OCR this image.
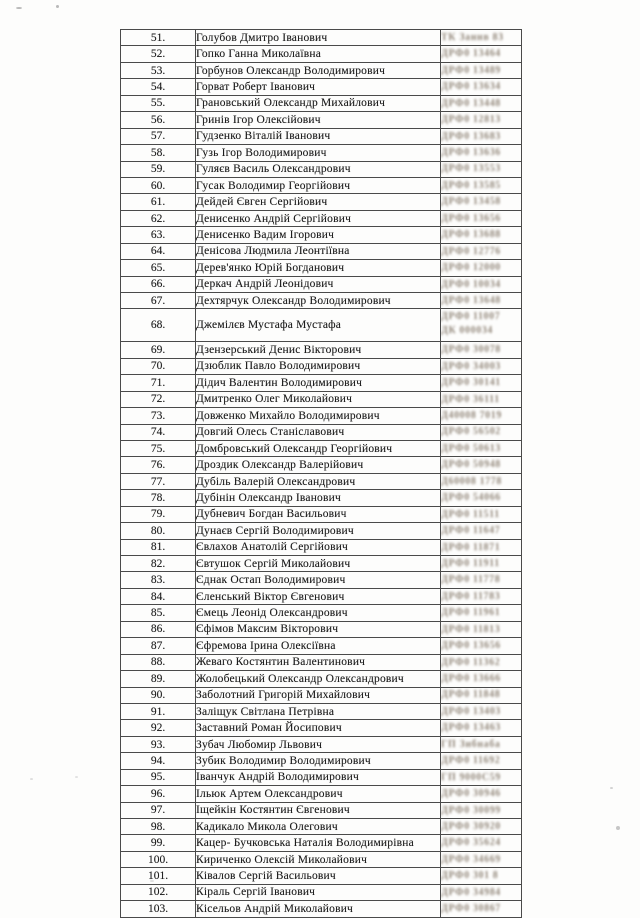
51.	Голубов Дмитро Іванович	ТК Заннв 83

52.	Гопко Ганна Миколаївна	ДРФ0 13464

53.	Горбунов Олександр Володимирович	ДРФ0 13489

54.	Горват Роберт Іванович	ДРФ0 13634

55.	Грановський Олександр Михайлович	ДРФ0 13448

56.	Гринів Ігор Олексійович	ДРФ0 12813

57.	Гудзенко Віталій Іванович	ДРФ0 13683

58.	Гузь Ігор Володимирович	ДРФ0 13636

59.	Гуляєв Василь Олександрович	ДРФ0 13553

60.	Гусак Володимир Георгійович	ДРФ0 13585

61.	Дейдей Євген Сергійович	ДРФ0 13458

62.	Денисенко Андрій Сергійович	ДРФ0 13656

63.	Денисенко Вадим Ігорович	ДРФ0 13688

64.	Денісова Людмила Леонтіївна	ДРФ0 12776

65.	Дерев'янко Юрій Богданович	ДРФ0 12000

66.	Деркач Андрій Леонідович	ДРФ0 10034

67.	Дехтярчук Олександр Володимирович	ДРФ0 13648

68.	Джемілєв Мустафа Мустафа	ДРФ0 11007
ДК 000034

69.	Дзензерський Денис Вікторович	ДРФ0 30078

70.	Дзюблик Павло Володимирович	ДРФ0 34003

71.	Дідич Валентин Володимирович	ДРФ0 30141

72.	Дмитренко Олег Миколайович	ДРФ0 36111

73.	Довженко Михайло Володимирович	Д40008 7019

74.	Довгий Олесь Станіславович	ДРФ0 56502

75.	Домбровський Олександр Георгійович	ДРФ0 50613

76.	Дроздик Олександр Валерійович	ДРФ0 50948

77.	Дубіль Валерій Олександрович	Д60008 1778

78.	Дубінін Олександр Іванович	ДРФ0 54066

79.	Дубневич Богдан Васильович	ДРФ0 11511

80.	Дунаєв Сергій Володимирович	ДРФ0 11647

81.	Євлахов Анатолій Сергійович	ДРФ0 11871

82.	Євтушок Сергій Миколайович	ДРФ0 11911

83.	Єднак Остап Володимирович	ДРФ0 11778

84.	Єленський Віктор Євгенович	ДРФ0 11783

85.	Ємець Леонід Олександрович	ДРФ0 11961

86.	Єфімов Максим Вікторович	ДРФ0 11813

87.	Єфремова Ірина Олексіївна	ДРФ0 13656

88.	Жеваго Костянтин Валентинович	ДРФ0 11362

89.	Жолобецький Олександр Олександрович	ДРФ0 13666

90.	Заболотний Григорій Михайлович	ДРФ0 11848

91.	Заліщук Світлана Петрівна	ДРФ0 13403

92.	Заставний Роман Йосипович	ДРФ0 13463

93.	Зубач Любомир Львович	ГП Зибнаба

94.	Зубик Володимир Володимирович	ДРФ0 11692

95.	Іванчук Андрій Володимирович	ГП 9000С59

96.	Ільюк Артем Олександрович	ДРФ0 30946

97.	Іщейкін Костянтин Євгенович	ДРФ0 30099

98.	Кадикало Микола Олегович	ДРФ0 30920

99.	Кацер- Бучковська Наталія Володимирівна	ДРФ0 35624

100.	Кириченко Олексій Миколайович	ДРФ0 34669

101.	Ківалов Сергій Васильович	ДРФ0 301 8

102.	Кіраль Сергій Іванович	ДРФ0 34984

103.	Кісельов Андрій Миколайович	ДРФ0 30867
